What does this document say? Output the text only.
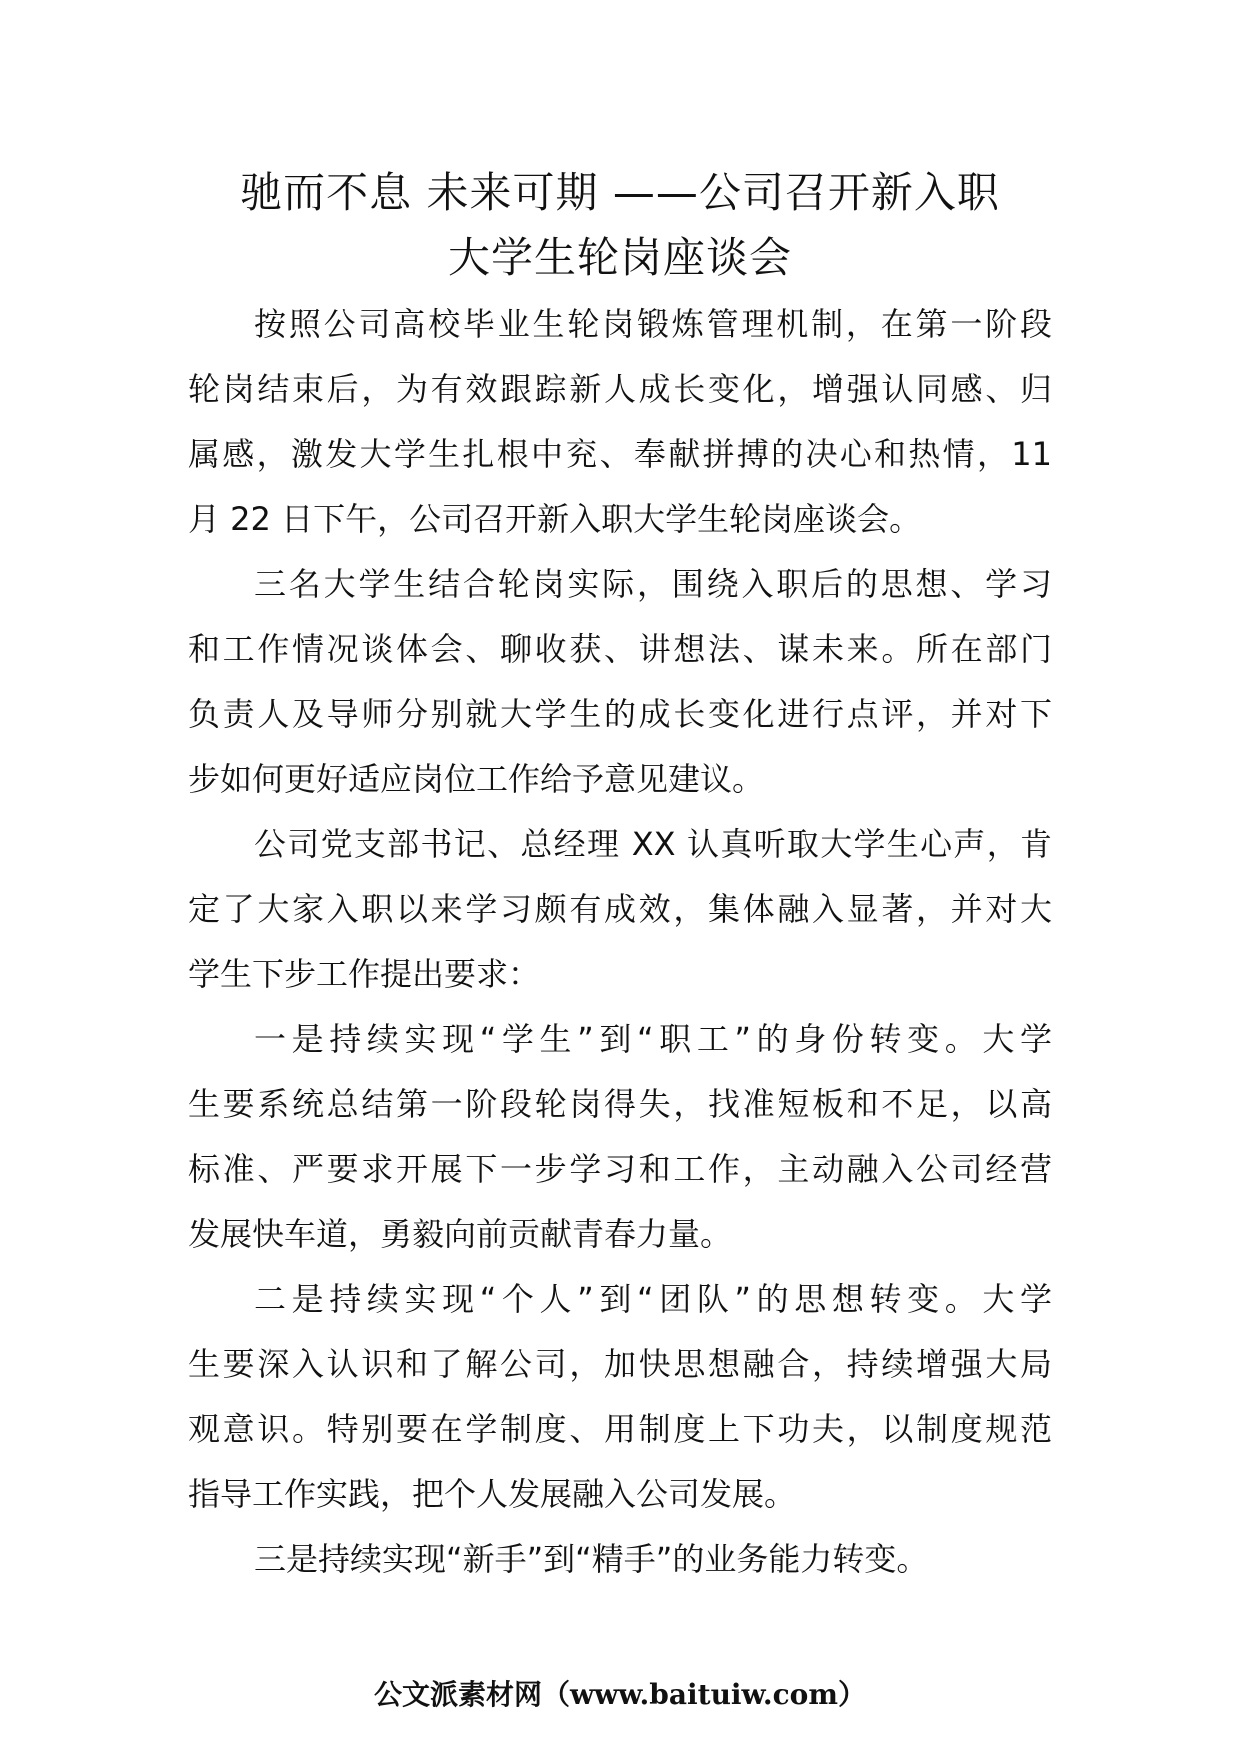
驰而不息 未来可期 ——公司召开新入职
大学生轮岗座谈会

按照公司高校毕业生轮岗锻炼管理机制，在第一阶段
轮岗结束后，为有效跟踪新人成长变化，增强认同感、归
属感，激发大学生扎根中兖、奉献拼搏的决心和热情，11
月 22 日下午，公司召开新入职大学生轮岗座谈会。

三名大学生结合轮岗实际，围绕入职后的思想、学习
和工作情况谈体会、聊收获、讲想法、谋未来。所在部门
负责人及导师分别就大学生的成长变化进行点评，并对下
步如何更好适应岗位工作给予意见建议。

公司党支部书记、总经理 XX 认真听取大学生心声，肯
定了大家入职以来学习颇有成效，集体融入显著，并对大
学生下步工作提出要求：

一是持续实现“学生”到“职工”的身份转变。大学
生要系统总结第一阶段轮岗得失，找准短板和不足，以高
标准、严要求开展下一步学习和工作，主动融入公司经营
发展快车道，勇毅向前贡献青春力量。

二是持续实现“个人”到“团队”的思想转变。大学
生要深入认识和了解公司，加快思想融合，持续增强大局
观意识。特别要在学制度、用制度上下功夫，以制度规范
指导工作实践，把个人发展融入公司发展。

三是持续实现“新手”到“精手”的业务能力转变。

公文派素材网（www.baituiw.com）
